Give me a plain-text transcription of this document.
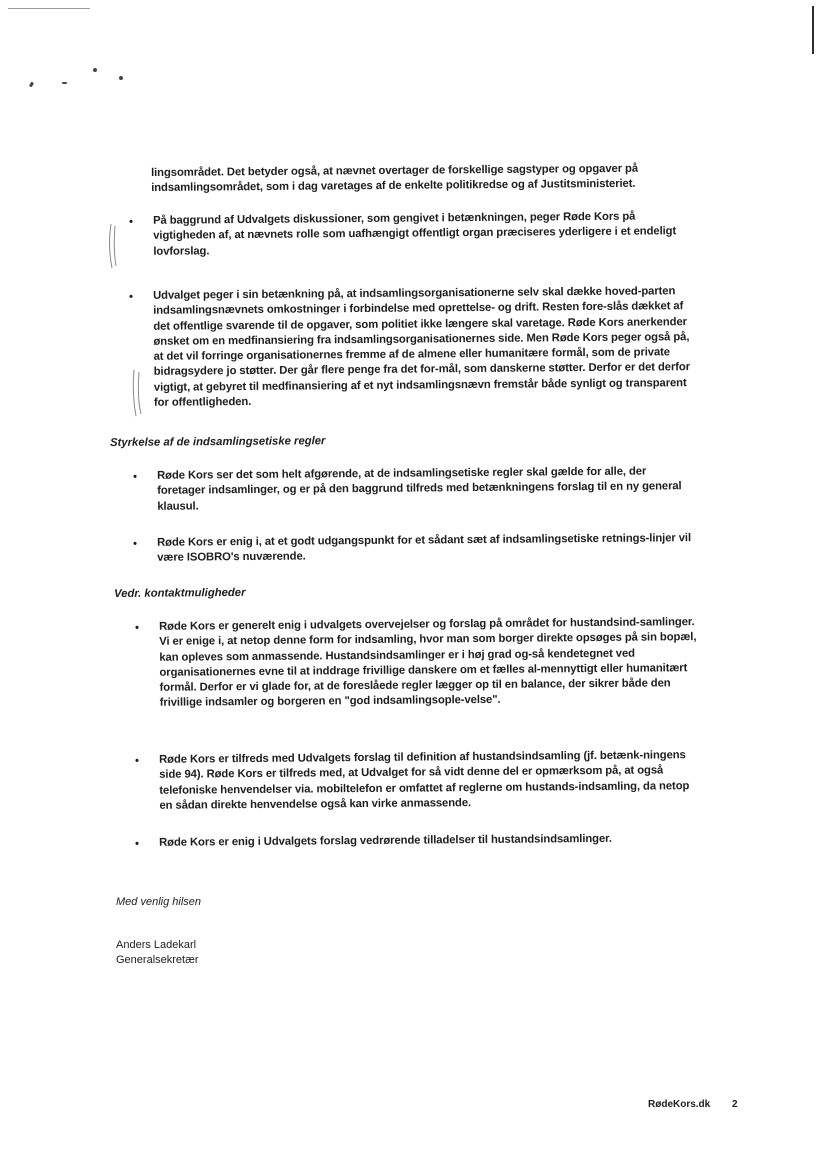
lingsområdet. Det betyder også, at nævnet overtager de forskellige sagstyper og opgaver på indsamlingsområdet, som i dag varetages af de enkelte politikredse og af Justitsministeriet.
• På baggrund af Udvalgets diskussioner, som gengivet i betænkningen, peger Røde Kors på vigtigheden af, at nævnets rolle som uafhængigt offentligt organ præciseres yderligere i et endeligt lovforslag.
• Udvalget peger i sin betænkning på, at indsamlingsorganisationerne selv skal dække hoved-parten indsamlingsnævnets omkostninger i forbindelse med oprettelse- og drift. Resten fore-slås dækket af det offentlige svarende til de opgaver, som politiet ikke længere skal varetage. Røde Kors anerkender ønsket om en medfinansiering fra indsamlingsorganisationernes side. Men Røde Kors peger også på, at det vil forringe organisationernes fremme af de almene eller humanitære formål, som de private bidragsydere jo støtter. Der går flere penge fra det for-mål, som danskerne støtter. Derfor er det derfor vigtigt, at gebyret til medfinansiering af et nyt indsamlingsnævn fremstår både synligt og transparent for offentligheden.
Styrkelse af de indsamlingsetiske regler
• Røde Kors ser det som helt afgørende, at de indsamlingsetiske regler skal gælde for alle, der foretager indsamlinger, og er på den baggrund tilfreds med betænkningens forslag til en ny general klausul.
• Røde Kors er enig i, at et godt udgangspunkt for et sådant sæt af indsamlingsetiske retnings-linjer vil være ISOBRO's nuværende.
Vedr. kontaktmuligheder
• Røde Kors er generelt enig i udvalgets overvejelser og forslag på området for hustandsind-samlinger. Vi er enige i, at netop denne form for indsamling, hvor man som borger direkte opsøges på sin bopæl, kan opleves som anmassende. Hustandsindsamlinger er i høj grad og-så kendetegnet ved organisationernes evne til at inddrage frivillige danskere om et fælles al-mennyttigt eller humanitært formål. Derfor er vi glade for, at de foreslåede regler lægger op til en balance, der sikrer både den frivillige indsamler og borgeren en "god indsamlingsople-velse".
• Røde Kors er tilfreds med Udvalgets forslag til definition af hustandsindsamling (jf. betænk-ningens side 94). Røde Kors er tilfreds med, at Udvalget for så vidt denne del er opmærksom på, at også telefoniske henvendelser via. mobiltelefon er omfattet af reglerne om hustands-indsamling, da netop en sådan direkte henvendelse også kan virke anmassende.
• Røde Kors er enig i Udvalgets forslag vedrørende tilladelser til hustandsindsamlinger.
Med venlig hilsen
Anders Ladekarl
Generalsekretær
RødeKors.dk 2
